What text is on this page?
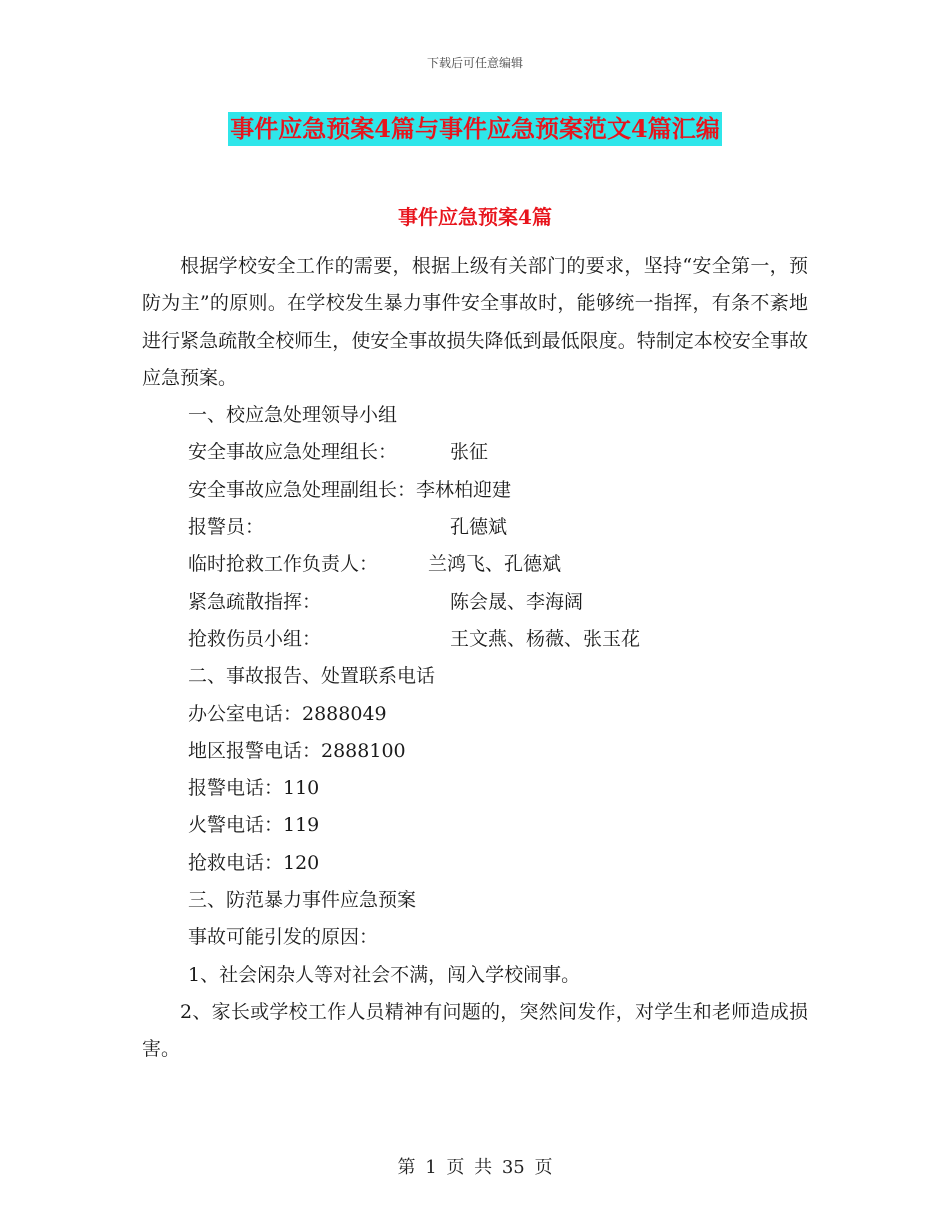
下载后可任意编辑
事件应急预案4篇与事件应急预案范文4篇汇编
事件应急预案4篇

根据学校安全工作的需要，根据上级有关部门的要求，坚持“安全第一，预防为主”的原则。在学校发生暴力事件安全事故时，能够统一指挥，有条不紊地进行紧急疏散全校师生，使安全事故损失降低到最低限度。特制定本校安全事故应急预案。

一、校应急处理领导小组
安全事故应急处理组长：	张征
安全事故应急处理副组长：李林柏迎建
报警员：	孔德斌
临时抢救工作负责人：	兰鸿飞、孔德斌
紧急疏散指挥：	陈会晟、李海阔
抢救伤员小组：	王文燕、杨薇、张玉花
二、事故报告、处置联系电话
办公室电话：2888049
地区报警电话：2888100
报警电话：110
火警电话：119
抢救电话：120
三、防范暴力事件应急预案
事故可能引发的原因：
1、社会闲杂人等对社会不满，闯入学校闹事。

2、家长或学校工作人员精神有问题的，突然间发作，对学生和老师造成损害。

第 1 页 共 35 页
